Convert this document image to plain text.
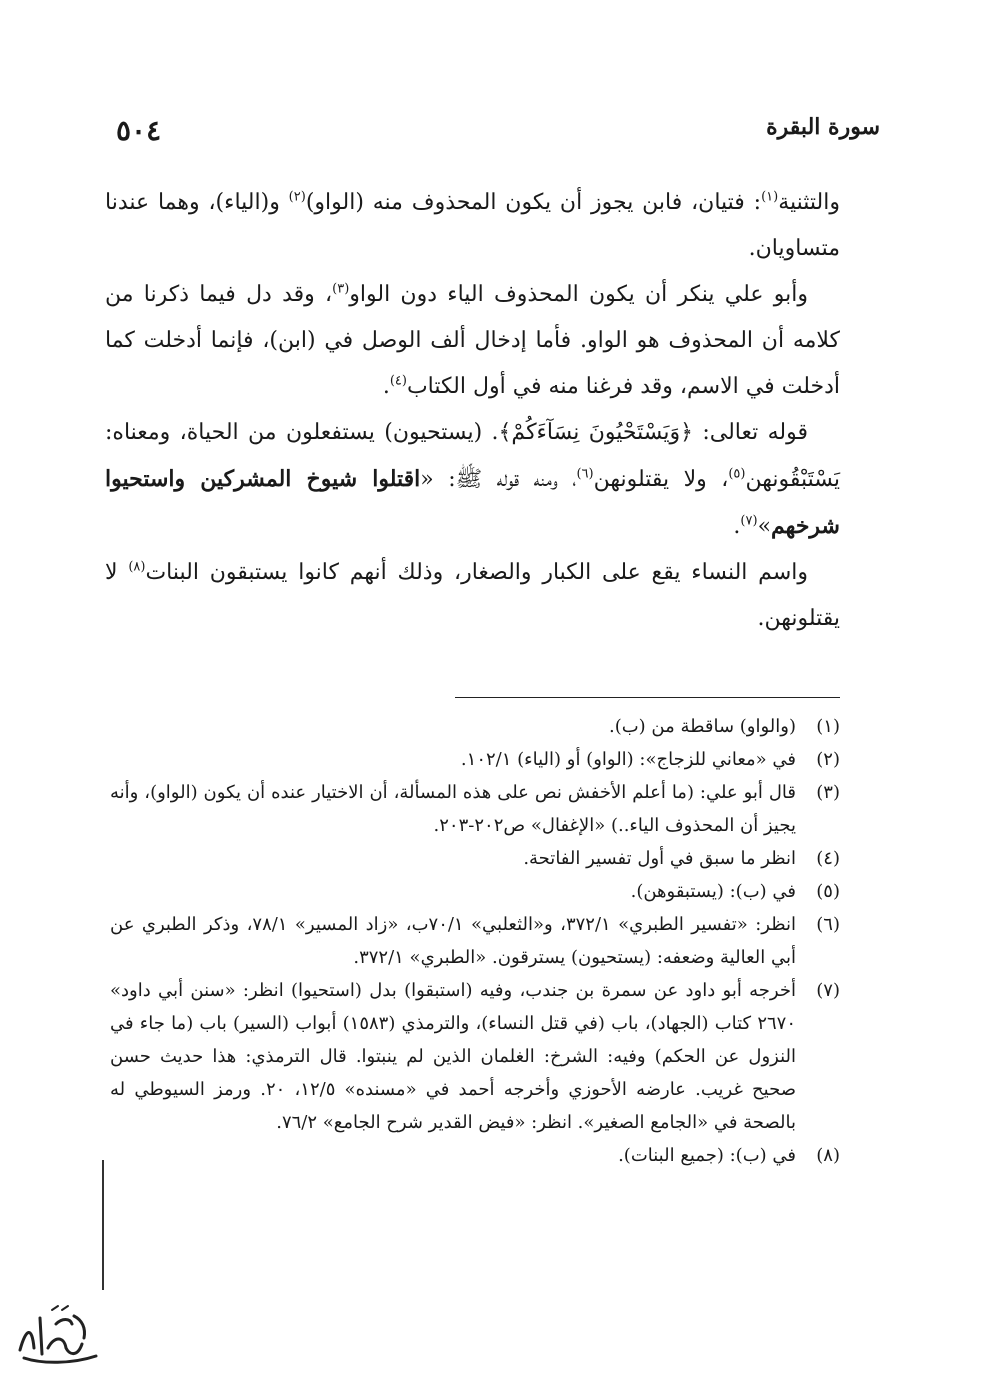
٥٠٤	سورة البقرة

والتثنية$^{(١)}$: فتيان، فابن يجوز أن يكون المحذوف منه (الواو)$^{(٢)}$ و(الياء)، وهما عندنا متساويان.

وأبو علي ينكر أن يكون المحذوف الياء دون الواو$^{(٣)}$، وقد دل فيما ذكرنا من كلامه أن المحذوف هو الواو. فأما إدخال ألف الوصل في (ابن)، فإنما أدخلت كما أدخلت في الاسم، وقد فرغنا منه في أول الكتاب$^{(٤)}$.

قوله تعالى: ﴿وَيَسْتَحْيُونَ نِسَآءَكُمْ﴾. (يستحيون) يستفعلون من الحياة، ومعناه: يَسْتَبْقُونهن$^{(٥)}$، ولا يقتلونهن$^{(٦)}$، ومنه قوله ﷺ: «اقتلوا شيوخ المشركين واستحيوا شرخهم»$^{(٧)}$.

واسم النساء يقع على الكبار والصغار، وذلك أنهم كانوا يستبقون البنات$^{(٨)}$ لا يقتلونهن.

(١)
(والواو) ساقطة من (ب).
(٢)
في «معاني للزجاج»: (الواو) أو (الياء) ١٠٢/١.
(٣)
قال أبو علي: (ما أعلم الأخفش نص على هذه المسألة، أن الاختيار عنده أن يكون (الواو)، وأنه يجيز أن المحذوف الياء..) «الإغفال» ص٢٠٢-٢٠٣.
(٤)
انظر ما سبق في أول تفسير الفاتحة.
(٥)
في (ب): (يستبقوهن).
(٦)
انظر: «تفسير الطبري» ٣٧٢/١، و«الثعلبي» ٧٠/١ب، «زاد المسير» ٧٨/١، وذكر الطبري عن أبي العالية وضعفه: (يستحيون) يسترقون. «الطبري» ٣٧٢/١.
(٧)
أخرجه أبو داود عن سمرة بن جندب، وفيه (استبقوا) بدل (استحيوا) انظر: «سنن أبي داود» ٢٦٧٠ كتاب (الجهاد)، باب (في قتل النساء)، والترمذي (١٥٨٣) أبواب (السير) باب (ما جاء في النزول عن الحكم) وفيه: الشرخ: الغلمان الذين لم ينبتوا. قال الترمذي: هذا حديث حسن صحيح غريب. عارضه الأحوزي وأخرجه أحمد في «مسنده» ١٢/٥، ٢٠. ورمز السيوطي له بالصحة في «الجامع الصغير». انظر: «فيض القدير شرح الجامع» ٧٦/٢.
(٨)
في (ب): (جميع البنات).
